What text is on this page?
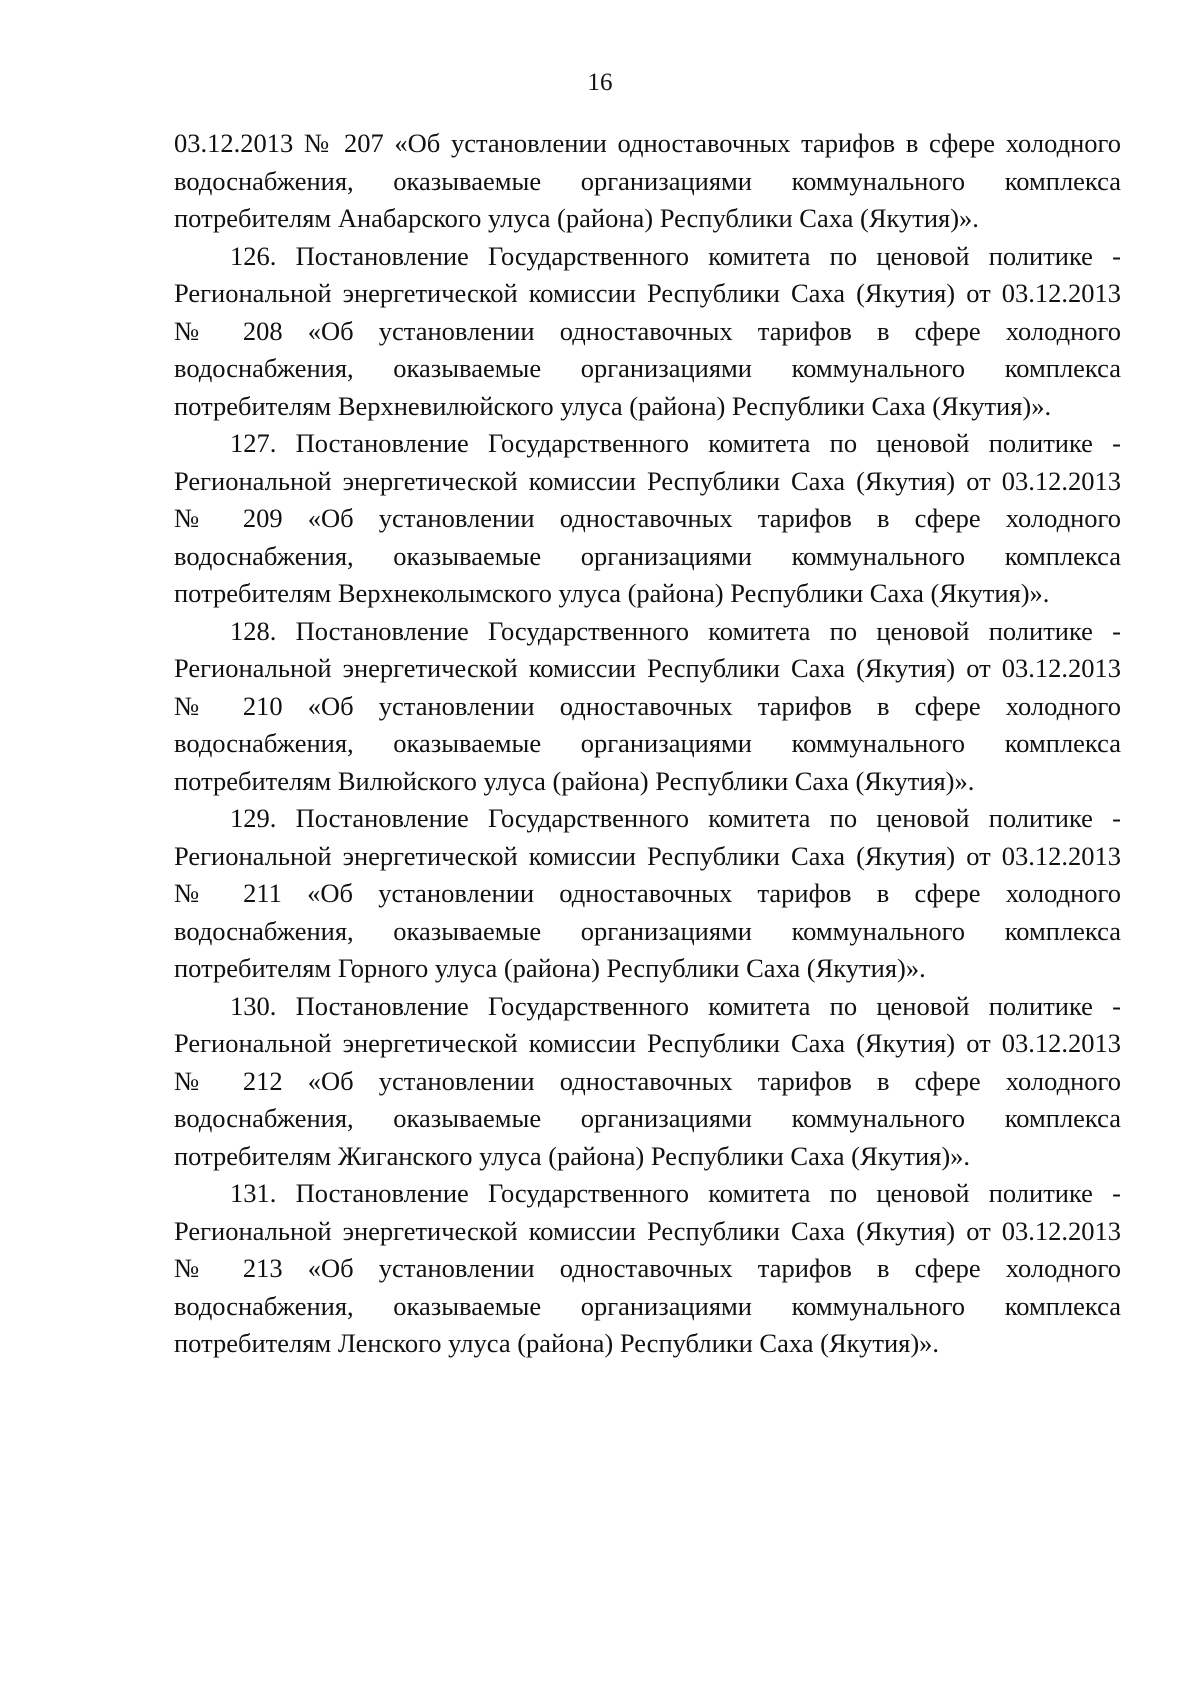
16

03.12.2013 № 207 «Об установлении одноставочных тарифов в сфере холодного водоснабжения, оказываемые организациями коммунального комплекса потребителям Анабарского улуса (района) Республики Саха (Якутия)».

126. Постановление Государственного комитета по ценовой политике - Региональной энергетической комиссии Республики Саха (Якутия) от 03.12.2013 № 208 «Об установлении одноставочных тарифов в сфере холодного водоснабжения, оказываемые организациями коммунального комплекса потребителям Верхневилюйского улуса (района) Республики Саха (Якутия)».

127. Постановление Государственного комитета по ценовой политике - Региональной энергетической комиссии Республики Саха (Якутия) от 03.12.2013 № 209 «Об установлении одноставочных тарифов в сфере холодного водоснабжения, оказываемые организациями коммунального комплекса потребителям Верхнеколымского улуса (района) Республики Саха (Якутия)».

128. Постановление Государственного комитета по ценовой политике - Региональной энергетической комиссии Республики Саха (Якутия) от 03.12.2013 № 210 «Об установлении одноставочных тарифов в сфере холодного водоснабжения, оказываемые организациями коммунального комплекса потребителям Вилюйского улуса (района) Республики Саха (Якутия)».

129. Постановление Государственного комитета по ценовой политике - Региональной энергетической комиссии Республики Саха (Якутия) от 03.12.2013 № 211 «Об установлении одноставочных тарифов в сфере холодного водоснабжения, оказываемые организациями коммунального комплекса потребителям Горного улуса (района) Республики Саха (Якутия)».

130. Постановление Государственного комитета по ценовой политике - Региональной энергетической комиссии Республики Саха (Якутия) от 03.12.2013 № 212 «Об установлении одноставочных тарифов в сфере холодного водоснабжения, оказываемые организациями коммунального комплекса потребителям Жиганского улуса (района) Республики Саха (Якутия)».

131. Постановление Государственного комитета по ценовой политике - Региональной энергетической комиссии Республики Саха (Якутия) от 03.12.2013 № 213 «Об установлении одноставочных тарифов в сфере холодного водоснабжения, оказываемые организациями коммунального комплекса потребителям Ленского улуса (района) Республики Саха (Якутия)».
